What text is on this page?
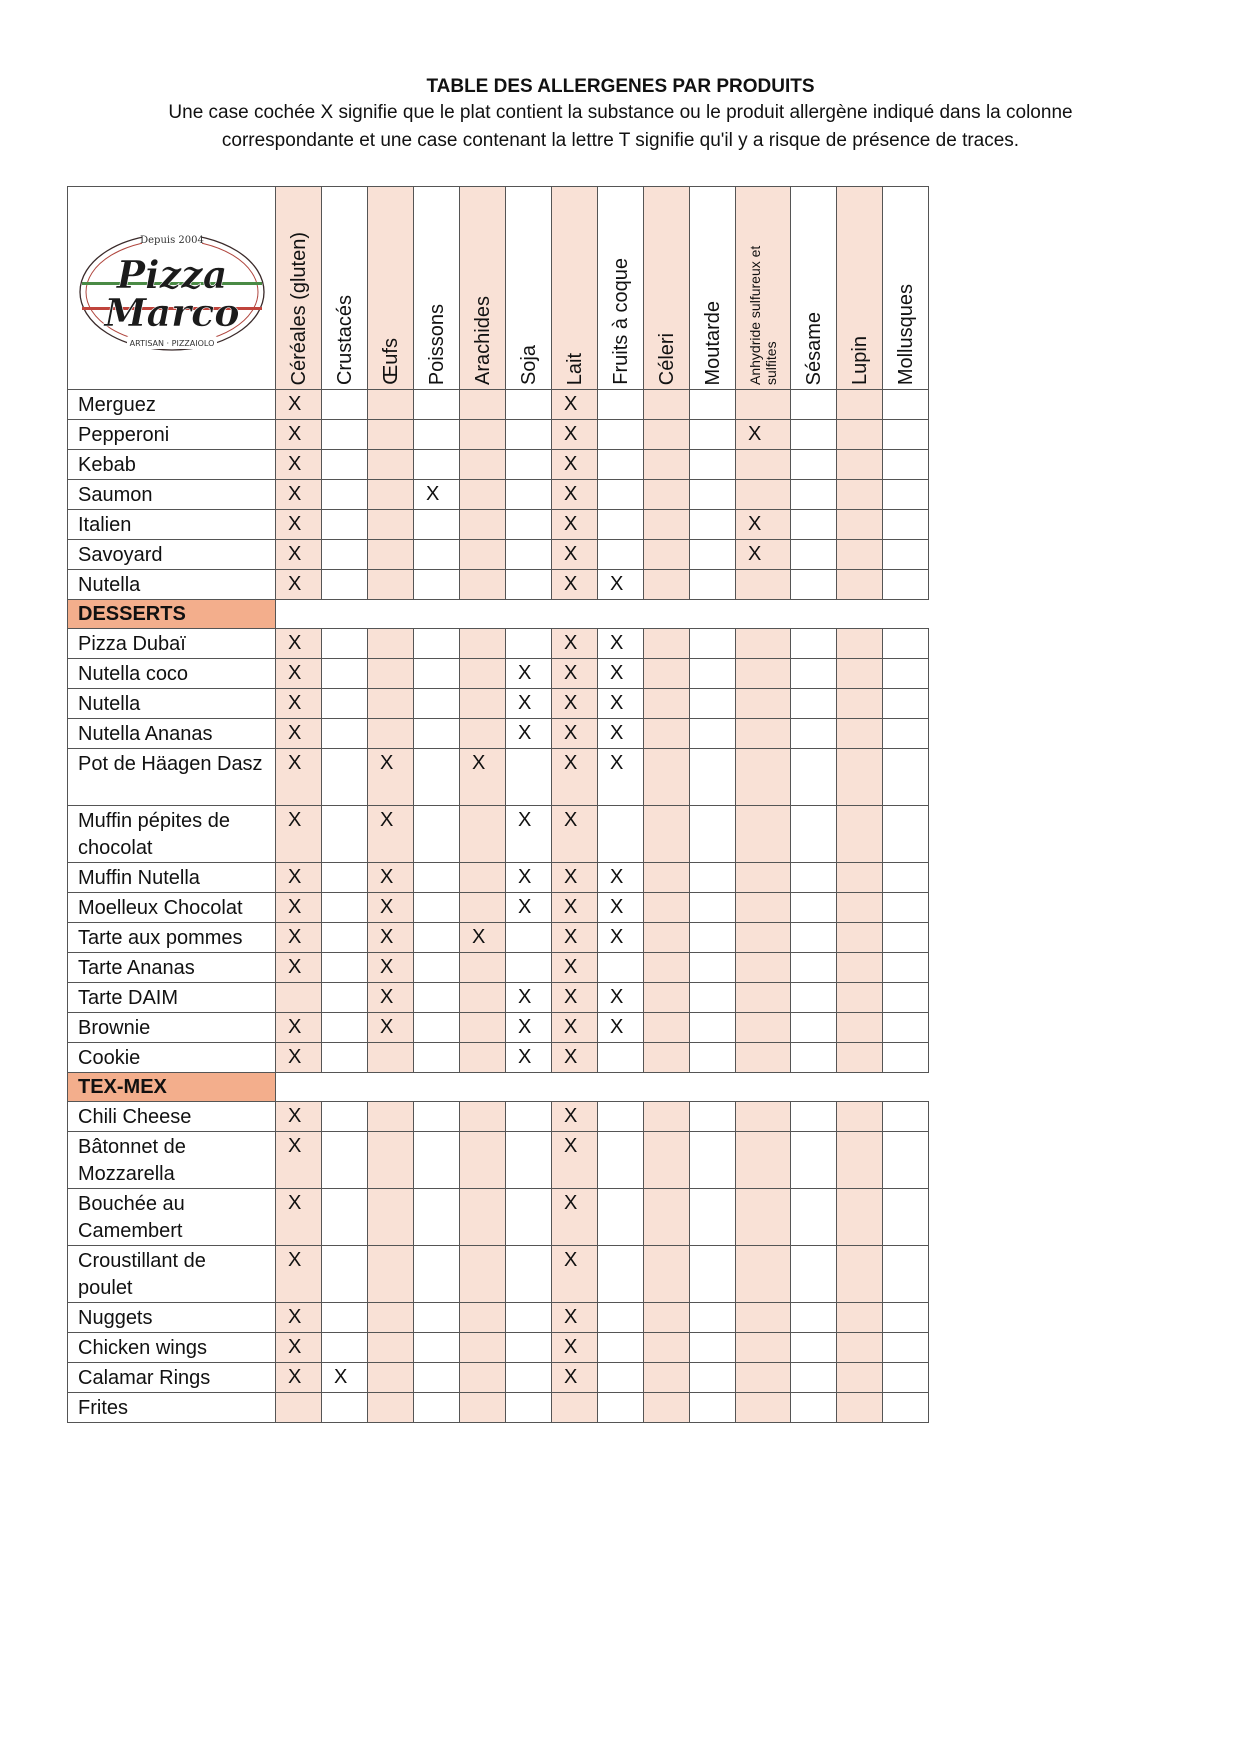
TABLE DES ALLERGENES PAR PRODUITS
Une case cochée X signifie que le plat contient la substance ou le produit allergène indiqué dans la colonne
correspondante et une case contenant la lettre T signifie qu'il y a risque de présence de traces.
Depuis 2004
Pizza
Marco
ARTISAN · PIZZAIOLO	Céréales (gluten)	Crustacés	Œufs	Poissons	Arachides	Soja	Lait	Fruits à coque	Céleri	Moutarde	Anhydride sulfureux et sulfites	Sésame	Lupin	Mollusques

Merguez	X						X							
Pepperoni	X						X				X			
Kebab	X						X							
Saumon	X			X			X							
Italien	X						X				X			
Savoyard	X						X				X			
Nutella	X						X	X						
DESSERTS														
Pizza Dubaï	X						X	X						
Nutella coco	X					X	X	X						
Nutella	X					X	X	X						
Nutella Ananas	X					X	X	X						
Pot de Häagen Dasz	X		X		X		X	X						
Muffin pépites de chocolat	X		X			X	X							
Muffin Nutella	X		X			X	X	X						
Moelleux Chocolat	X		X			X	X	X						
Tarte aux pommes	X		X		X		X	X						
Tarte Ananas	X		X				X							
Tarte DAIM			X			X	X	X						
Brownie	X		X			X	X	X						
Cookie	X					X	X							
TEX-MEX														
Chili Cheese	X						X							
Bâtonnet de Mozzarella	X						X							
Bouchée au Camembert	X						X							
Croustillant de poulet	X						X							
Nuggets	X						X							
Chicken wings	X						X							
Calamar Rings	X	X					X							
Frites														
